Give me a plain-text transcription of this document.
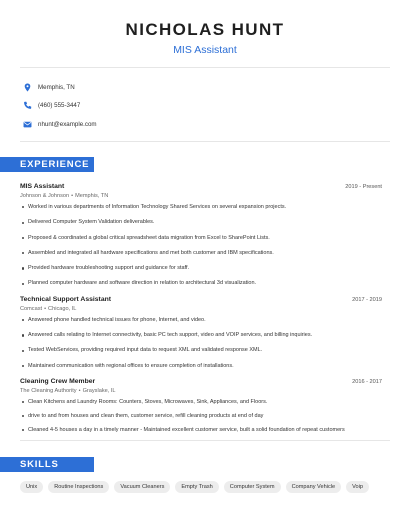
NICHOLAS HUNT
MIS Assistant
Memphis, TN
(460) 555-3447
nhunt@example.com
EXPERIENCE
MIS Assistant	2019 - Present
Johnson & Johnson • Memphis, TN
Worked in various departments of Information Technology Shared Services on several expansion projects.
Delivered Computer System Validation deliverables.
Proposed & coordinated a global critical spreadsheet data migration from Excel to SharePoint Lists.
Assembled and integrated all hardware specifications and met both customer and IBM specifications.
Provided hardware troubleshooting support and guidance for staff.
Planned computer hardware and software direction in relation to architectural 3d visualization.
Technical Support Assistant	2017 - 2019
Comcast • Chicago, IL
Answered phone handled technical issues for phone, Internet, and video.
Answered calls relating to Internet connectivity, basic PC tech support, video and VOIP services, and billing inquiries.
Tested WebServices, providing required input data to request XML and validated response XML.
Maintained communication with regional offices to ensure completion of installations.
Cleaning Crew Member	2016 - 2017
The Cleaning Authority • Grayslake, IL
Clean Kitchens and Laundry Rooms: Counters, Stoves, Microwaves, Sink, Appliances, and Floors.
drive to and from houses and clean them, customer service, refill cleaning products at end of day
Cleaned 4-5 houses a day in a timely manner - Maintained excellent customer service, built a solid foundation of repeat customers
SKILLS
Unix	Routine Inspections	Vacuum Cleaners	Empty Trash	Computer System	Company Vehicle	Voip
